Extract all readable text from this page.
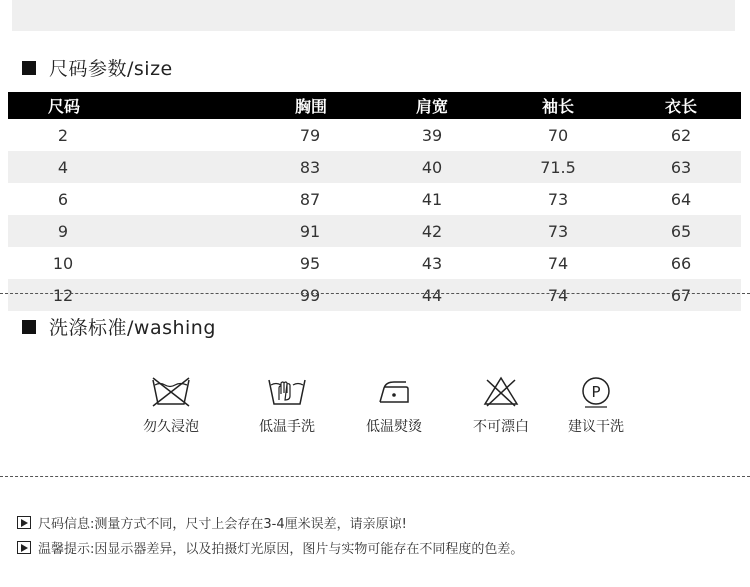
尺码参数/size
尺码	胸围	肩宽	袖长	衣长
2	79	39	70	62
4	83	40	71.5	63
6	87	41	73	64
9	91	42	73	65
10	95	43	74	66
12	99	44	74	67
洗涤标准/washing
勿久浸泡	低温手洗	低温熨烫	不可漂白
P
建议干洗
尺码信息:测量方式不同，尺寸上会存在3-4厘米误差，请亲原谅!
温馨提示:因显示器差异，以及拍摄灯光原因，图片与实物可能存在不同程度的色差。
